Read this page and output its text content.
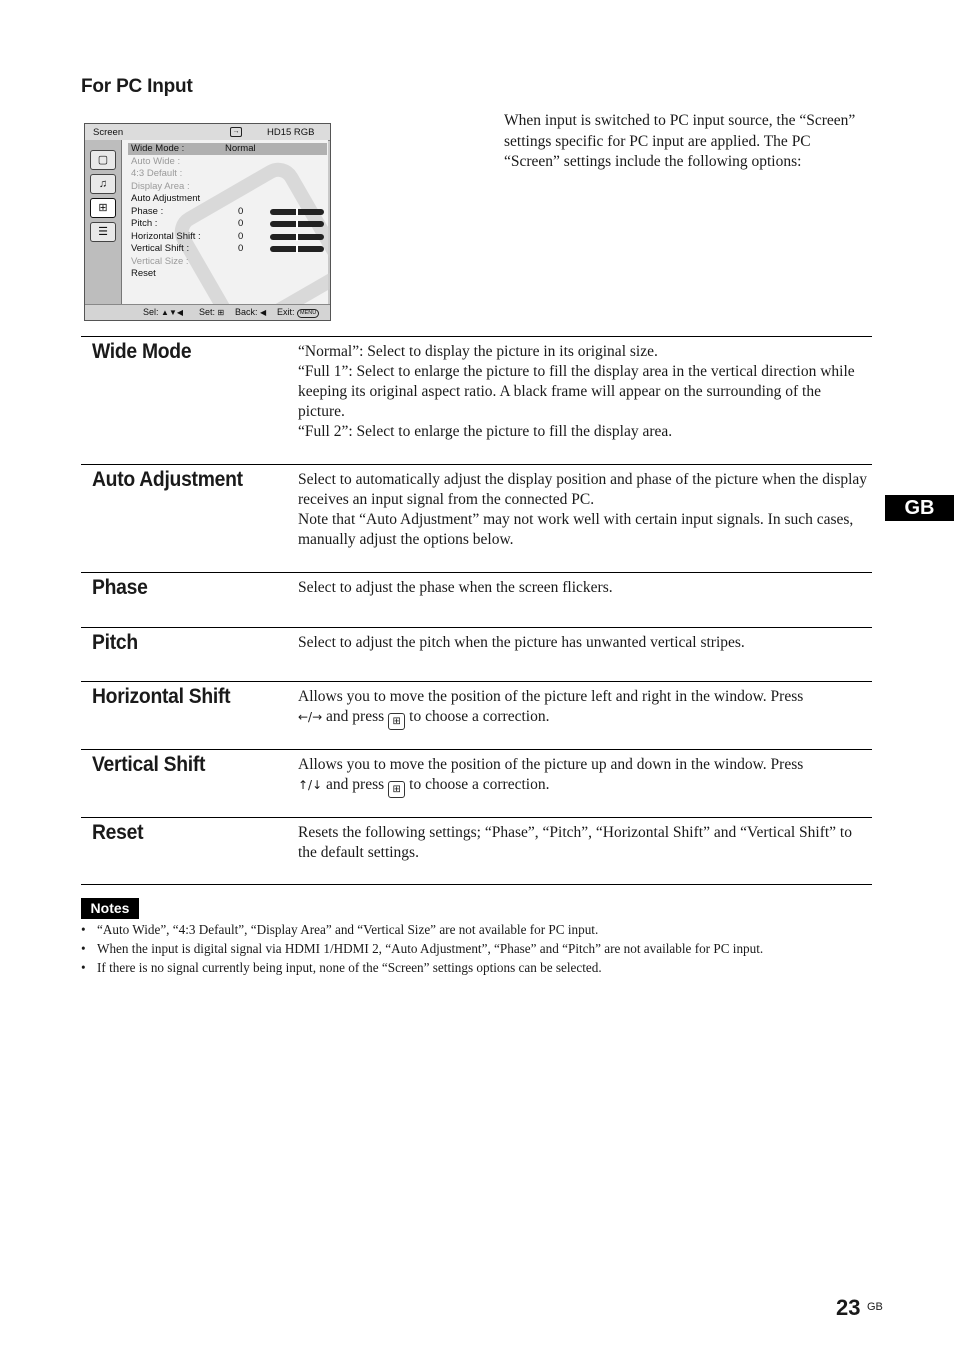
For PC Input
When input is switched to PC input source, the “Screen” settings specific for PC input are applied. The PC “Screen” settings include the following options:
Screen	→	HD15 RGB
▢
♫
⊞
☰
Wide Mode :	Normal
Auto Wide :
4:3 Default :
Display Area :
Auto Adjustment
Phase :	0
Pitch :	0
Horizontal Shift :	0
Vertical Shift :	0
Vertical Size :
Reset
Sel: ▲▼◀ Set: ⊞ Back: ◀ Exit: MENU
Wide Mode	“Normal”: Select to display the picture in its original size.

“Full 1”: Select to enlarge the picture to fill the display area in the vertical direction while keeping its original aspect ratio. A black frame will appear on the surrounding of the picture.

“Full 2”: Select to enlarge the picture to fill the display area.

Auto Adjustment	Select to automatically adjust the display position and phase of the picture when the display receives an input signal from the connected PC.

Note that “Auto Adjustment” may not work well with certain input signals. In such cases, manually adjust the options below.

Phase	Select to adjust the phase when the screen flickers.

Pitch	Select to adjust the pitch when the picture has unwanted vertical stripes.

Horizontal Shift	Allows you to move the position of the picture left and right in the window. Press
←/→ and press ⊞ to choose a correction.

Vertical Shift	Allows you to move the position of the picture up and down in the window. Press
↑/↓ and press ⊞ to choose a correction.

Reset	Resets the following settings; “Phase”, “Pitch”, “Horizontal Shift” and “Vertical Shift” to the default settings.

GB
Notes
• “Auto Wide”, “4:3 Default”, “Display Area” and “Vertical Size” are not available for PC input.
• When the input is digital signal via HDMI 1/HDMI 2, “Auto Adjustment”, “Phase” and “Pitch” are not available for PC input.
• If there is no signal currently being input, none of the “Screen” settings options can be selected.
23 GB
